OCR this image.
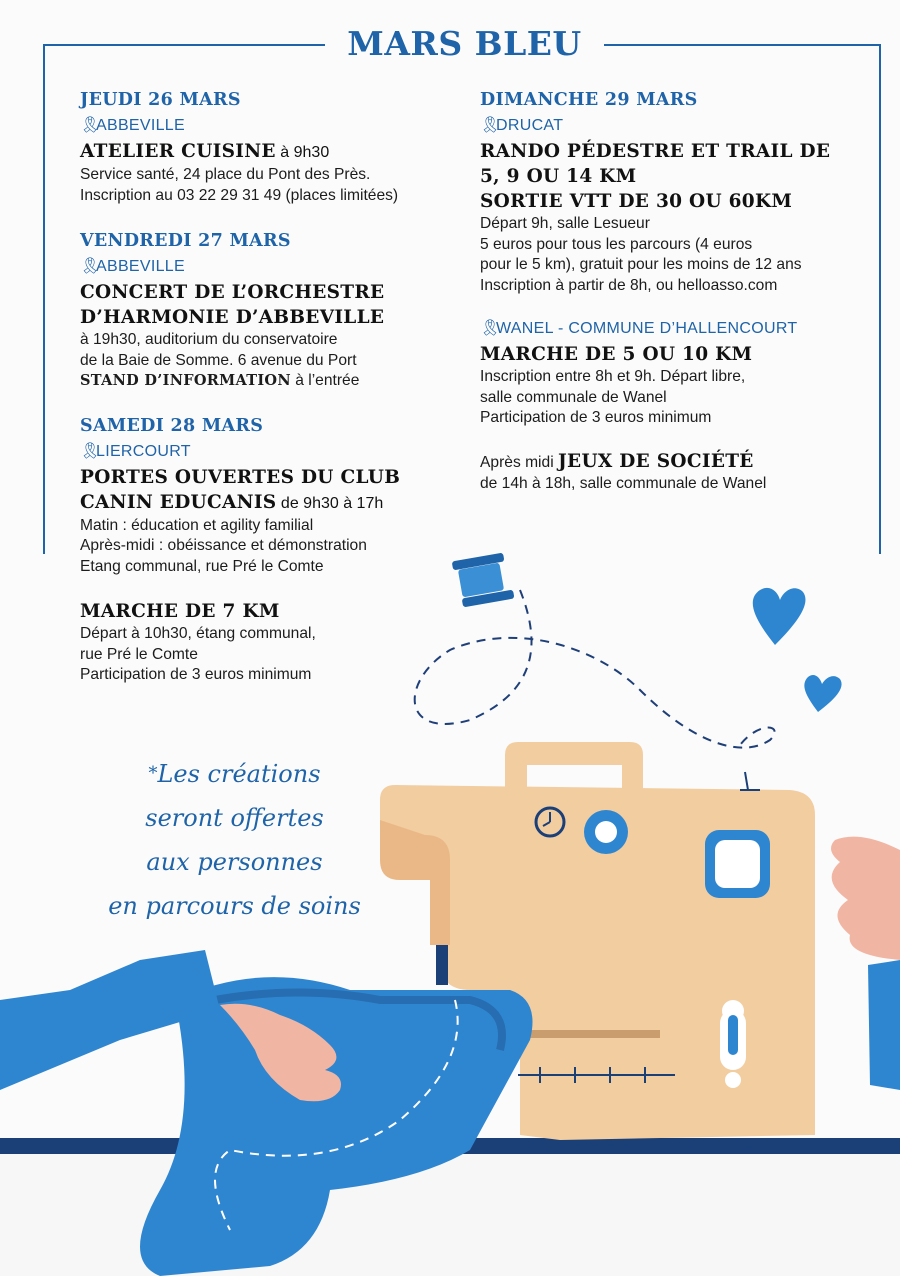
MARS BLEU
JEUDI 26 MARS
🎗ABBEVILLE
ATELIER CUISINE à 9h30
Service santé, 24 place du Pont des Près.
Inscription au 03 22 29 31 49 (places limitées)
VENDREDI 27 MARS
🎗ABBEVILLE
CONCERT DE L’ORCHESTRE
D’HARMONIE D’ABBEVILLE
à 19h30, auditorium du conservatoire
de la Baie de Somme. 6 avenue du Port
STAND D’INFORMATION à l’entrée
SAMEDI 28 MARS
🎗LIERCOURT
PORTES OUVERTES DU CLUB
CANIN EDUCANIS de 9h30 à 17h
Matin : éducation et agility familial
Après-midi : obéissance et démonstration
Etang communal, rue Pré le Comte
MARCHE DE 7 KM
Départ à 10h30, étang communal,
rue Pré le Comte
Participation de 3 euros minimum
DIMANCHE 29 MARS
🎗DRUCAT
RANDO PÉDESTRE ET TRAIL DE
5, 9 OU 14 KM
SORTIE VTT DE 30 OU 60KM
Départ 9h, salle Lesueur
5 euros pour tous les parcours (4 euros
pour le 5 km), gratuit pour les moins de 12 ans
Inscription à partir de 8h, ou helloasso.com
🎗WANEL - COMMUNE D’HALLENCOURT
MARCHE DE 5 OU 10 KM
Inscription entre 8h et 9h. Départ libre,
salle communale de Wanel
Participation de 3 euros minimum
Après midi JEUX DE SOCIÉTÉ
de 14h à 18h, salle communale de Wanel
*Les créations
seront offertes
aux personnes
en parcours de soins
